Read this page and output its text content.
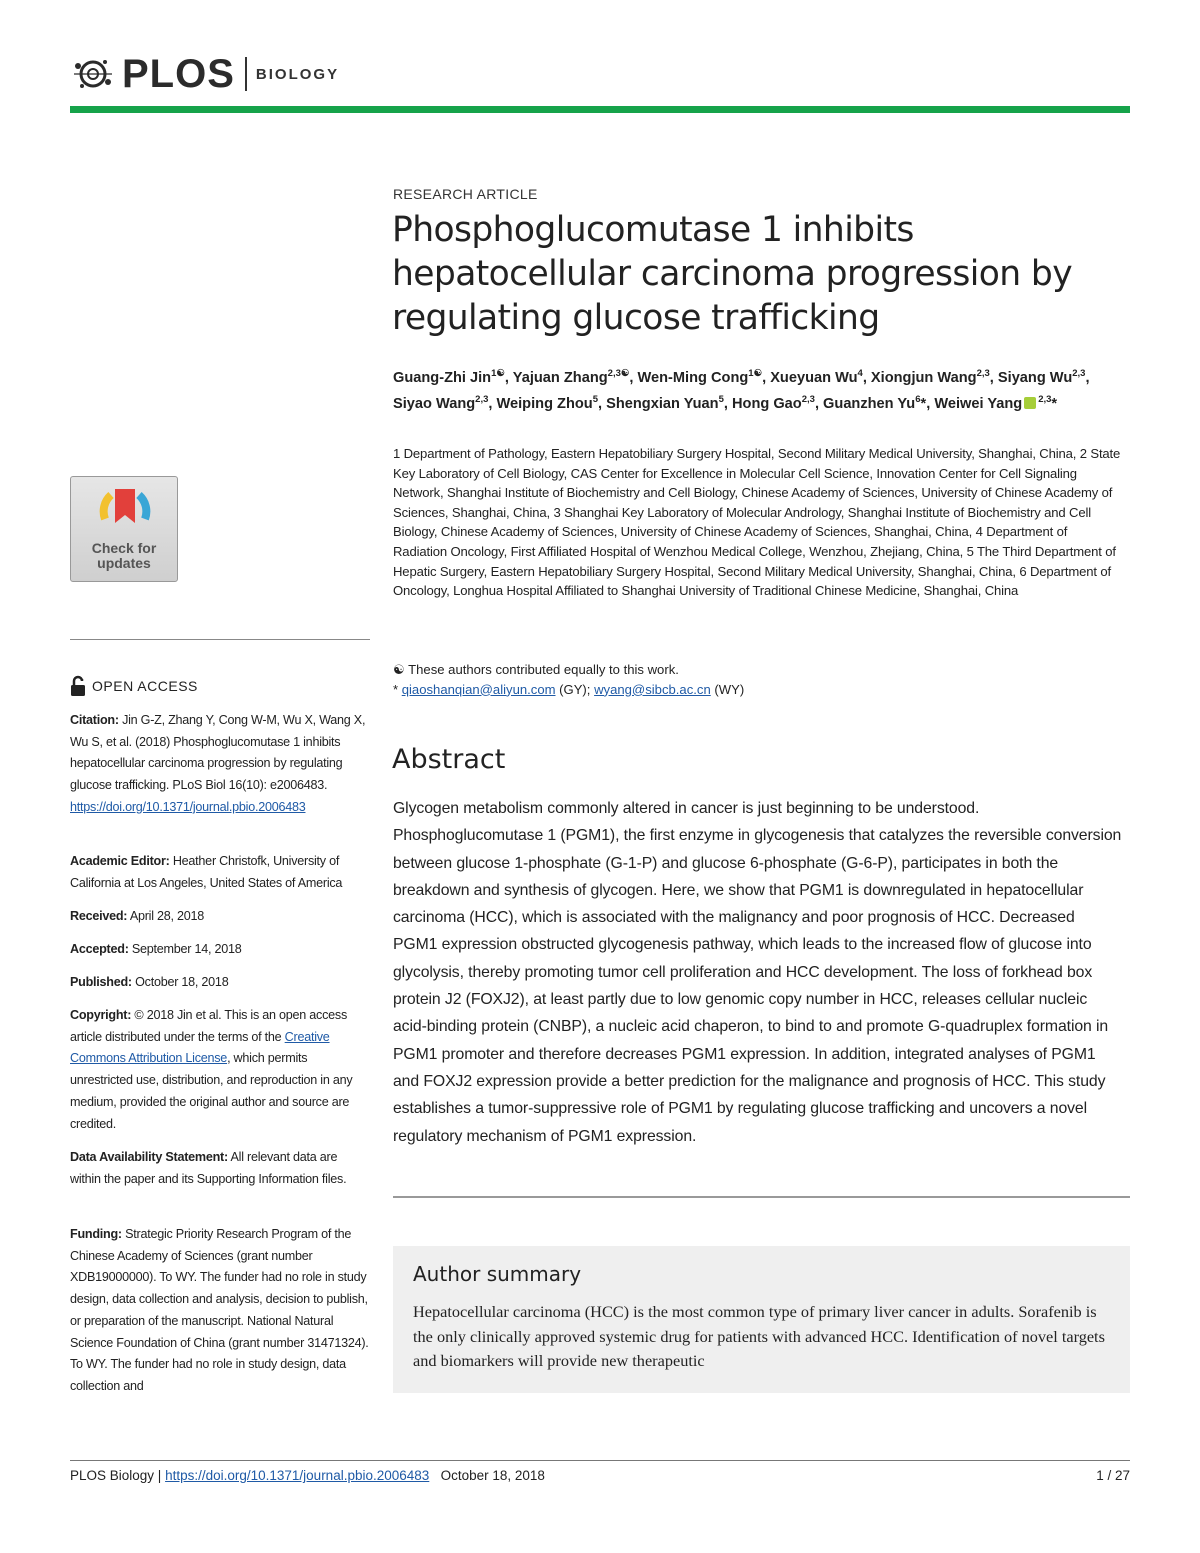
PLOS BIOLOGY
Check for updates
OPEN ACCESS
Citation: Jin G-Z, Zhang Y, Cong W-M, Wu X, Wang X, Wu S, et al. (2018) Phosphoglucomutase 1 inhibits hepatocellular carcinoma progression by regulating glucose trafficking. PLoS Biol 16(10): e2006483. https://doi.org/10.1371/journal.pbio.2006483
Academic Editor: Heather Christofk, University of California at Los Angeles, United States of America
Received: April 28, 2018
Accepted: September 14, 2018
Published: October 18, 2018
Copyright: © 2018 Jin et al. This is an open access article distributed under the terms of the Creative Commons Attribution License, which permits unrestricted use, distribution, and reproduction in any medium, provided the original author and source are credited.
Data Availability Statement: All relevant data are within the paper and its Supporting Information files.
Funding: Strategic Priority Research Program of the Chinese Academy of Sciences (grant number XDB19000000). To WY. The funder had no role in study design, data collection and analysis, decision to publish, or preparation of the manuscript. National Natural Science Foundation of China (grant number 31471324). To WY. The funder had no role in study design, data collection and
RESEARCH ARTICLE
Phosphoglucomutase 1 inhibits hepatocellular carcinoma progression by regulating glucose trafficking
Guang-Zhi Jin$^{1☯}$, Yajuan Zhang$^{2,3☯}$, Wen-Ming Cong$^{1☯}$, Xueyuan Wu$^4$, Xiongjun Wang$^{2,3}$, Siyang Wu$^{2,3}$, Siyao Wang$^{2,3}$, Weiping Zhou$^5$, Shengxian Yuan$^5$, Hong Gao$^{2,3}$, Guanzhen Yu$^6$*, Weiwei Yang $^{2,3}$*
1 Department of Pathology, Eastern Hepatobiliary Surgery Hospital, Second Military Medical University, Shanghai, China, 2 State Key Laboratory of Cell Biology, CAS Center for Excellence in Molecular Cell Science, Innovation Center for Cell Signaling Network, Shanghai Institute of Biochemistry and Cell Biology, Chinese Academy of Sciences, University of Chinese Academy of Sciences, Shanghai, China, 3 Shanghai Key Laboratory of Molecular Andrology, Shanghai Institute of Biochemistry and Cell Biology, Chinese Academy of Sciences, University of Chinese Academy of Sciences, Shanghai, China, 4 Department of Radiation Oncology, First Affiliated Hospital of Wenzhou Medical College, Wenzhou, Zhejiang, China, 5 The Third Department of Hepatic Surgery, Eastern Hepatobiliary Surgery Hospital, Second Military Medical University, Shanghai, China, 6 Department of Oncology, Longhua Hospital Affiliated to Shanghai University of Traditional Chinese Medicine, Shanghai, China
☯ These authors contributed equally to this work.
* qiaoshanqian@aliyun.com (GY); wyang@sibcb.ac.cn (WY)
Abstract
Glycogen metabolism commonly altered in cancer is just beginning to be understood. Phosphoglucomutase 1 (PGM1), the first enzyme in glycogenesis that catalyzes the reversible conversion between glucose 1-phosphate (G-1-P) and glucose 6-phosphate (G-6-P), participates in both the breakdown and synthesis of glycogen. Here, we show that PGM1 is downregulated in hepatocellular carcinoma (HCC), which is associated with the malignancy and poor prognosis of HCC. Decreased PGM1 expression obstructed glycogenesis pathway, which leads to the increased flow of glucose into glycolysis, thereby promoting tumor cell proliferation and HCC development. The loss of forkhead box protein J2 (FOXJ2), at least partly due to low genomic copy number in HCC, releases cellular nucleic acid-binding protein (CNBP), a nucleic acid chaperon, to bind to and promote G-quadruplex formation in PGM1 promoter and therefore decreases PGM1 expression. In addition, integrated analyses of PGM1 and FOXJ2 expression provide a better prediction for the malignance and prognosis of HCC. This study establishes a tumor-suppressive role of PGM1 by regulating glucose trafficking and uncovers a novel regulatory mechanism of PGM1 expression.
Author summary
Hepatocellular carcinoma (HCC) is the most common type of primary liver cancer in adults. Sorafenib is the only clinically approved systemic drug for patients with advanced HCC. Identification of novel targets and biomarkers will provide new therapeutic
PLOS Biology |
https://doi.org/10.1371/journal.pbio.2006483
October 18, 2018	1 / 27
